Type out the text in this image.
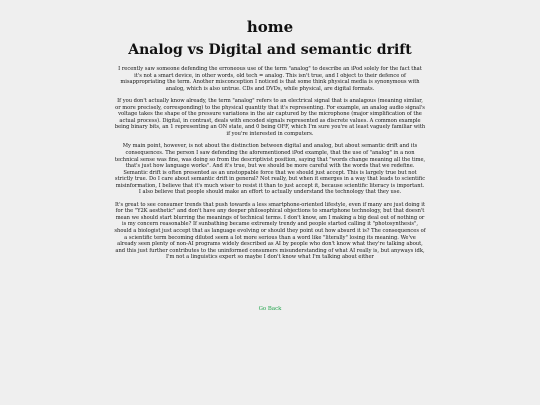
home
Analog vs Digital and semantic drift

I recently saw someone defending the erroneous use of the term "analog" to describe an iPod solely for the fact that it's not a smart device, in other words, old tech = analog. This isn't true, and I object to their defence of misappropriating the term. Another misconception I noticed is that some think physical media is synonymous with analog, which is also untrue. CDs and DVDs, while physical, are digital formats.

If you don't actually know already, the term "analog" refers to an electrical signal that is analagous (meaning similar, or more precisely, corresponding) to the physical quantity that it's representing. For example, an analog audio signal's voltage takes the shape of the pressure variations in the air captured by the microphone (major simplification of the actual process). Digital, in contrast, deals with encoded signals represented as discrete values. A common example being binary bits, an 1 representing an ON state, and 0 being OFF, which I'm sure you're at least vaguely familiar with if you're interested in computers.

My main point, however, is not about the distinction between digital and analog, but about semantic drift and its consequences. The person I saw defending the aforementioned iPod example, that the use of "analog" in a non technical sense was fine, was doing so from the descriptivist position, saying that "words change meaning all the time, that's just how language works". And it's true, but we should be more careful with the words that we redefine. Semantic drift is often presented as an unstoppable force that we should just accept. This is largely true but not strictly true. Do I care about semantic drift in general? Not really, but when it emerges in a way that leads to scientific misinformation, I believe that it's much wiser to resist it than to just accept it, because scientific literacy is important. I also believe that people should make an effort to actually understand the technology that they use.

It's great to see consumer trends that push towards a less smartphone-oriented lifestyle, even if many are just doing it for the "Y2K aesthetic" and don't have any deeper philosophical objections to smartphone technology, but that doesn't mean we should start blurring the meanings of technical terms. I don't know, am I making a big deal out of nothing or is my concern reasonable? If sunbathing became extremely trendy and people started calling it "photosynthesis", should a biologist just accept that as language evolving or should they point out how absurd it is? The consequences of a scientific term becoming diluted seem a lot more serious than a word like "literally" losing its meaning. We've already seen plenty of non-AI programs widely described as AI by people who don't know what they're talking about, and this just further contributes to the uninformed consumers misunderstanding of what AI really is, but anyways idk, I'm not a linguistics expert so maybe I don't know what I'm talking about either

Go Back
